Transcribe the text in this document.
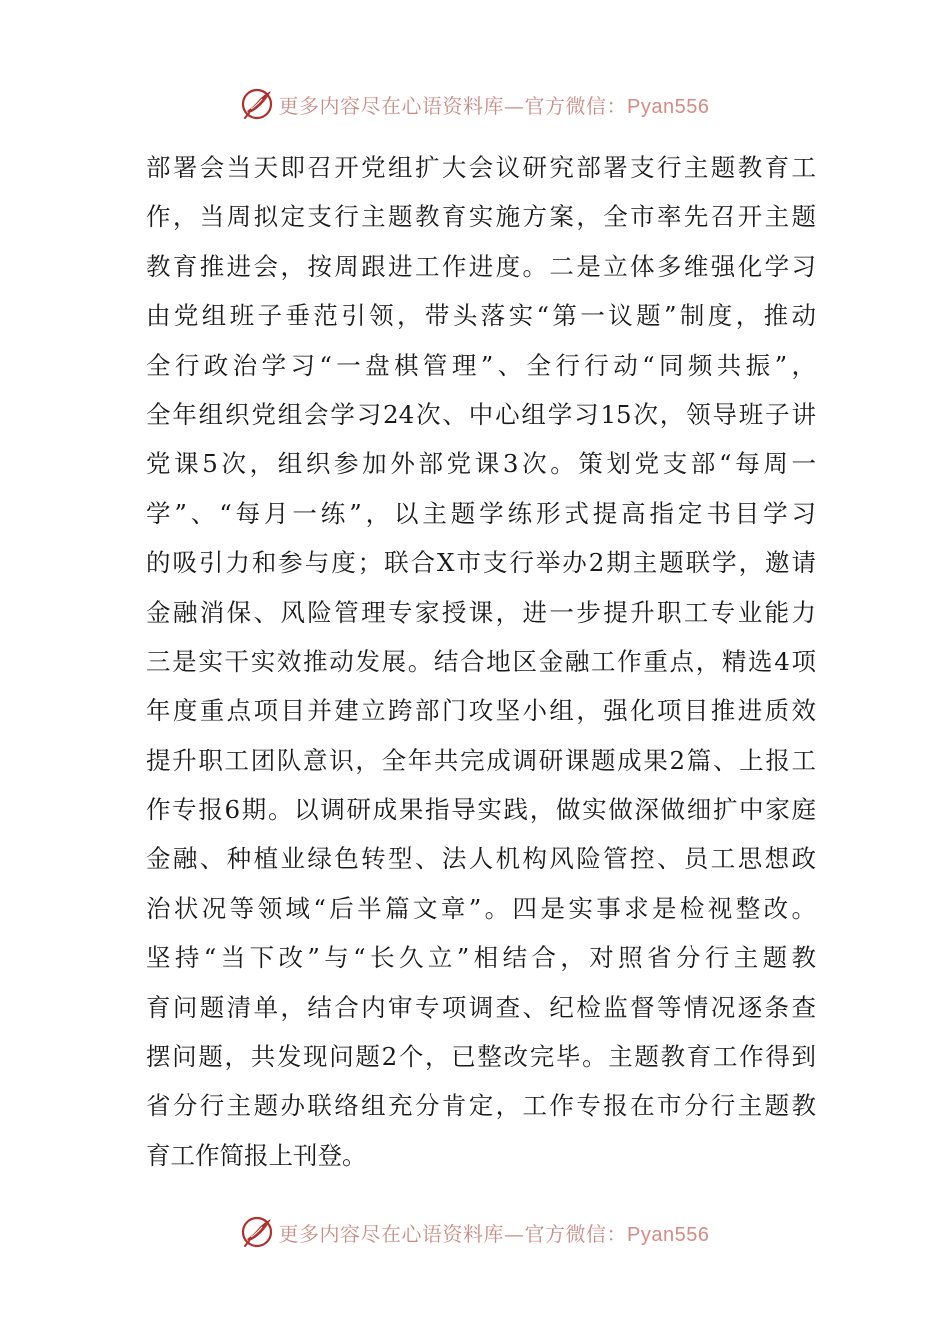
更多内容尽在心语资料库—官方微信：Pyan556
部署会当天即召开党组扩大会议研究部署支行主题教育工
作，当周拟定支行主题教育实施方案，全市率先召开主题
教育推进会，按周跟进工作进度。二是立体多维强化学习
由党组班子垂范引领，带头落实“第一议题”制度，推动
全行政治学习“一盘棋管理”、全行行动“同频共振”，
全年组织党组会学习24次、中心组学习15次，领导班子讲
党课5次，组织参加外部党课3次。策划党支部“每周一
学”、“每月一练”，以主题学练形式提高指定书目学习
的吸引力和参与度；联合X市支行举办2期主题联学，邀请
金融消保、风险管理专家授课，进一步提升职工专业能力
三是实干实效推动发展。结合地区金融工作重点，精选4项
年度重点项目并建立跨部门攻坚小组，强化项目推进质效
提升职工团队意识，全年共完成调研课题成果2篇、上报工
作专报6期。以调研成果指导实践，做实做深做细扩中家庭
金融、种植业绿色转型、法人机构风险管控、员工思想政
治状况等领域“后半篇文章”。四是实事求是检视整改。
坚持“当下改”与“长久立”相结合，对照省分行主题教
育问题清单，结合内审专项调查、纪检监督等情况逐条查
摆问题，共发现问题2个，已整改完毕。主题教育工作得到
省分行主题办联络组充分肯定，工作专报在市分行主题教
育工作简报上刊登。
更多内容尽在心语资料库—官方微信：Pyan556
